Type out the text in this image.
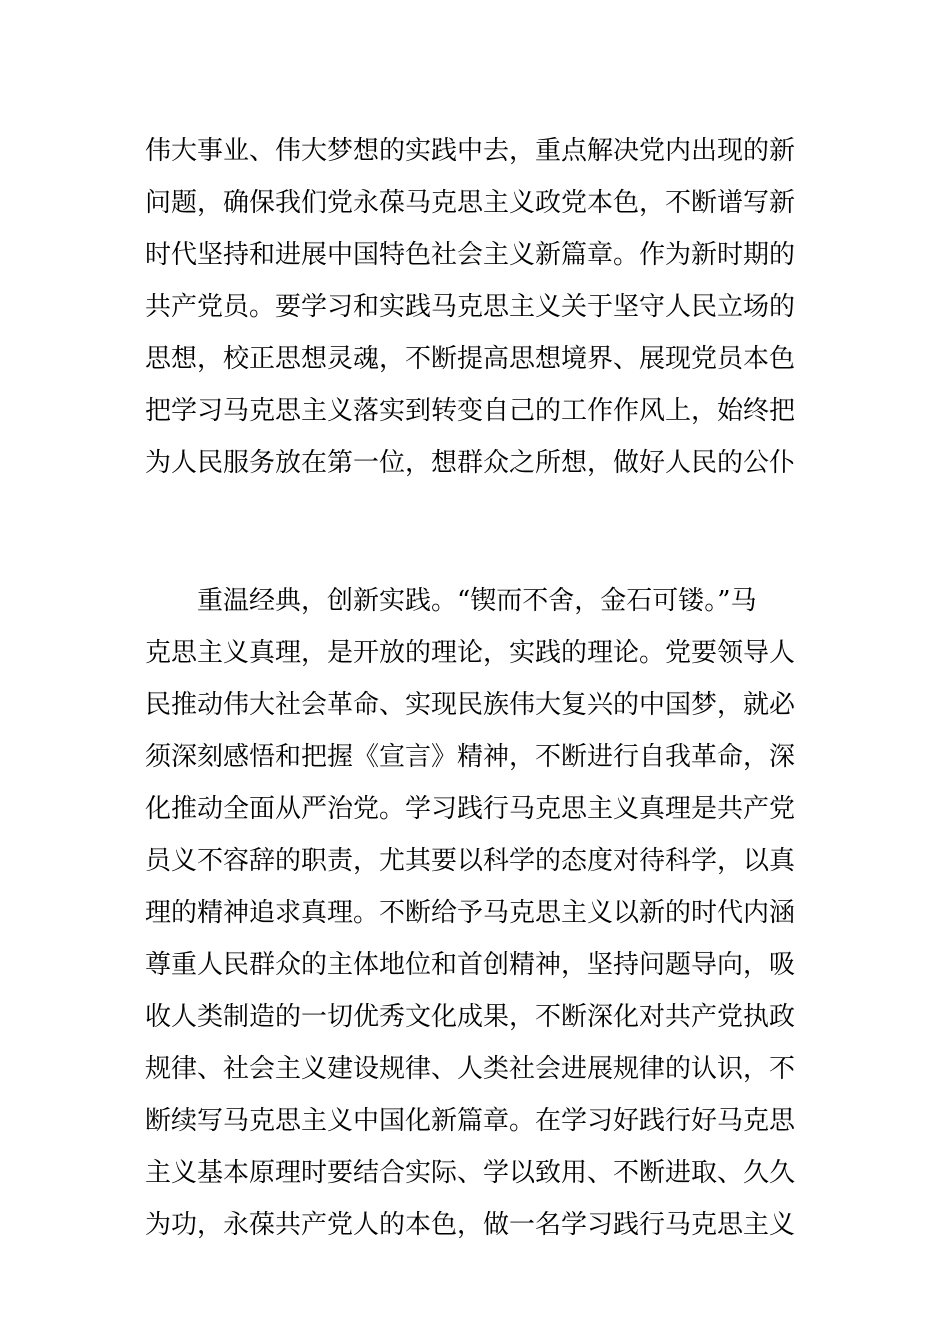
伟大事业、伟大梦想的实践中去，重点解决党内出现的新
问题，确保我们党永葆马克思主义政党本色，不断谱写新
时代坚持和进展中国特色社会主义新篇章。作为新时期的
共产党员。要学习和实践马克思主义关于坚守人民立场的
思想，校正思想灵魂，不断提高思想境界、展现党员本色
把学习马克思主义落实到转变自己的工作作风上，始终把
为人民服务放在第一位，想群众之所想，做好人民的公仆
重温经典，创新实践。“锲而不舍，金石可镂。”马
克思主义真理，是开放的理论，实践的理论。党要领导人
民推动伟大社会革命、实现民族伟大复兴的中国梦，就必
须深刻感悟和把握《宣言》精神，不断进行自我革命，深
化推动全面从严治党。学习践行马克思主义真理是共产党
员义不容辞的职责，尤其要以科学的态度对待科学，以真
理的精神追求真理。不断给予马克思主义以新的时代内涵
尊重人民群众的主体地位和首创精神，坚持问题导向，吸
收人类制造的一切优秀文化成果，不断深化对共产党执政
规律、社会主义建设规律、人类社会进展规律的认识，不
断续写马克思主义中国化新篇章。在学习好践行好马克思
主义基本原理时要结合实际、学以致用、不断进取、久久
为功，永葆共产党人的本色，做一名学习践行马克思主义
